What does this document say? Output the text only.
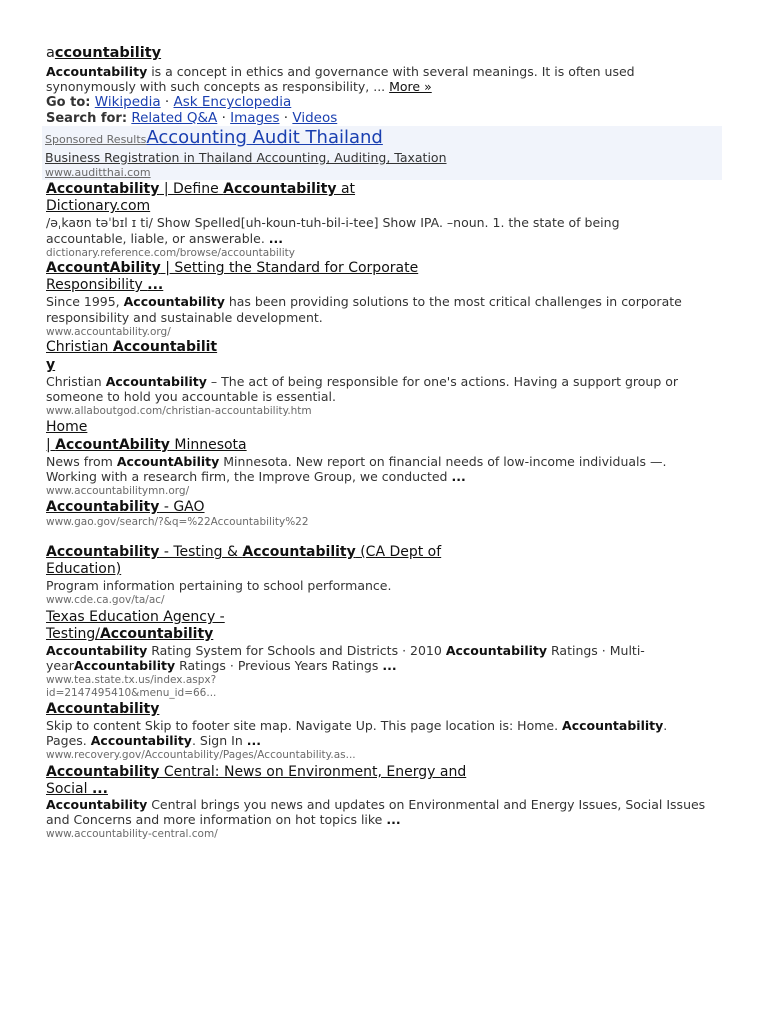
accountability
Accountability is a concept in ethics and governance with several meanings. It is often used
synonymously with such concepts as responsibility, ... More »
Go to: Wikipedia · Ask Encyclopedia
Search for: Related Q&A · Images · Videos
Sponsored ResultsAccounting Audit Thailand
Business Registration in Thailand Accounting, Auditing, Taxation
www.auditthai.com
Accountability | Define Accountability at
Dictionary.com
/əˌkaʊn təˈbɪl ɪ ti/ Show Spelled[uh-koun-tuh-bil-i-tee] Show IPA. –noun. 1. the state of being
accountable, liable, or answerable. ...
dictionary.reference.com/browse/accountability
AccountAbility | Setting the Standard for Corporate
Responsibility ...
Since 1995, Accountability has been providing solutions to the most critical challenges in corporate
responsibility and sustainable development.
www.accountability.org/
Christian Accountabilit
y
Christian Accountability – The act of being responsible for one's actions. Having a support group or
someone to hold you accountable is essential.
www.allaboutgod.com/christian-accountability.htm
Home
| AccountAbility Minnesota
News from AccountAbility Minnesota. New report on financial needs of low-income individuals —.
Working with a research firm, the Improve Group, we conducted ...
www.accountabilitymn.org/
Accountability - GAO
www.gao.gov/search/?&q=%22Accountability%22
Accountability - Testing & Accountability (CA Dept of
Education)
Program information pertaining to school performance.
www.cde.ca.gov/ta/ac/
Texas Education Agency -
Testing/Accountability
Accountability Rating System for Schools and Districts · 2010 Accountability Ratings · Multi-
yearAccountability Ratings · Previous Years Ratings ...
www.tea.state.tx.us/index.aspx?
id=2147495410&menu_id=66...
Accountability
Skip to content Skip to footer site map. Navigate Up. This page location is: Home. Accountability.
Pages. Accountability. Sign In ...
www.recovery.gov/Accountability/Pages/Accountability.as...
Accountability Central: News on Environment, Energy and
Social ...
Accountability Central brings you news and updates on Environmental and Energy Issues, Social Issues
and Concerns and more information on hot topics like ...
www.accountability-central.com/
